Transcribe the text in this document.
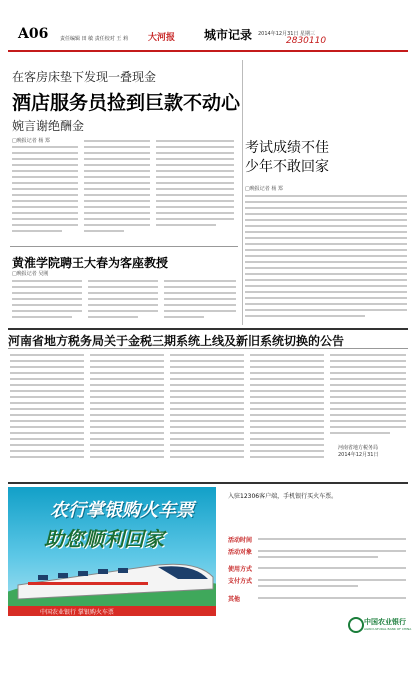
A06 责任编辑 田 敏 责任校对 王 莉 大河报 城市记录 2014年12月31日 星期三
2830110
在客房床垫下发现一叠现金
酒店服务员捡到巨款不动心
婉言谢绝酬金
□晚报记者 杨 郑	考试成绩不佳
少年不敢回家
□晚报记者 杨 郑
黄淮学院聘王大春为客座教授
□晚报记者 吴刚
河南省地方税务局关于金税三期系统上线及新旧系统切换的公告
河南省地方税务局
2014年12月31日
农行掌银购火车票
助您顺利回家
中国农业银行 掌银购火车票
入驻12306客户端，手机银行买火车票。
活动时间
活动对象
使用方式
支付方式
其他
中国农业银行
AGRICULTURAL BANK OF CHINA
